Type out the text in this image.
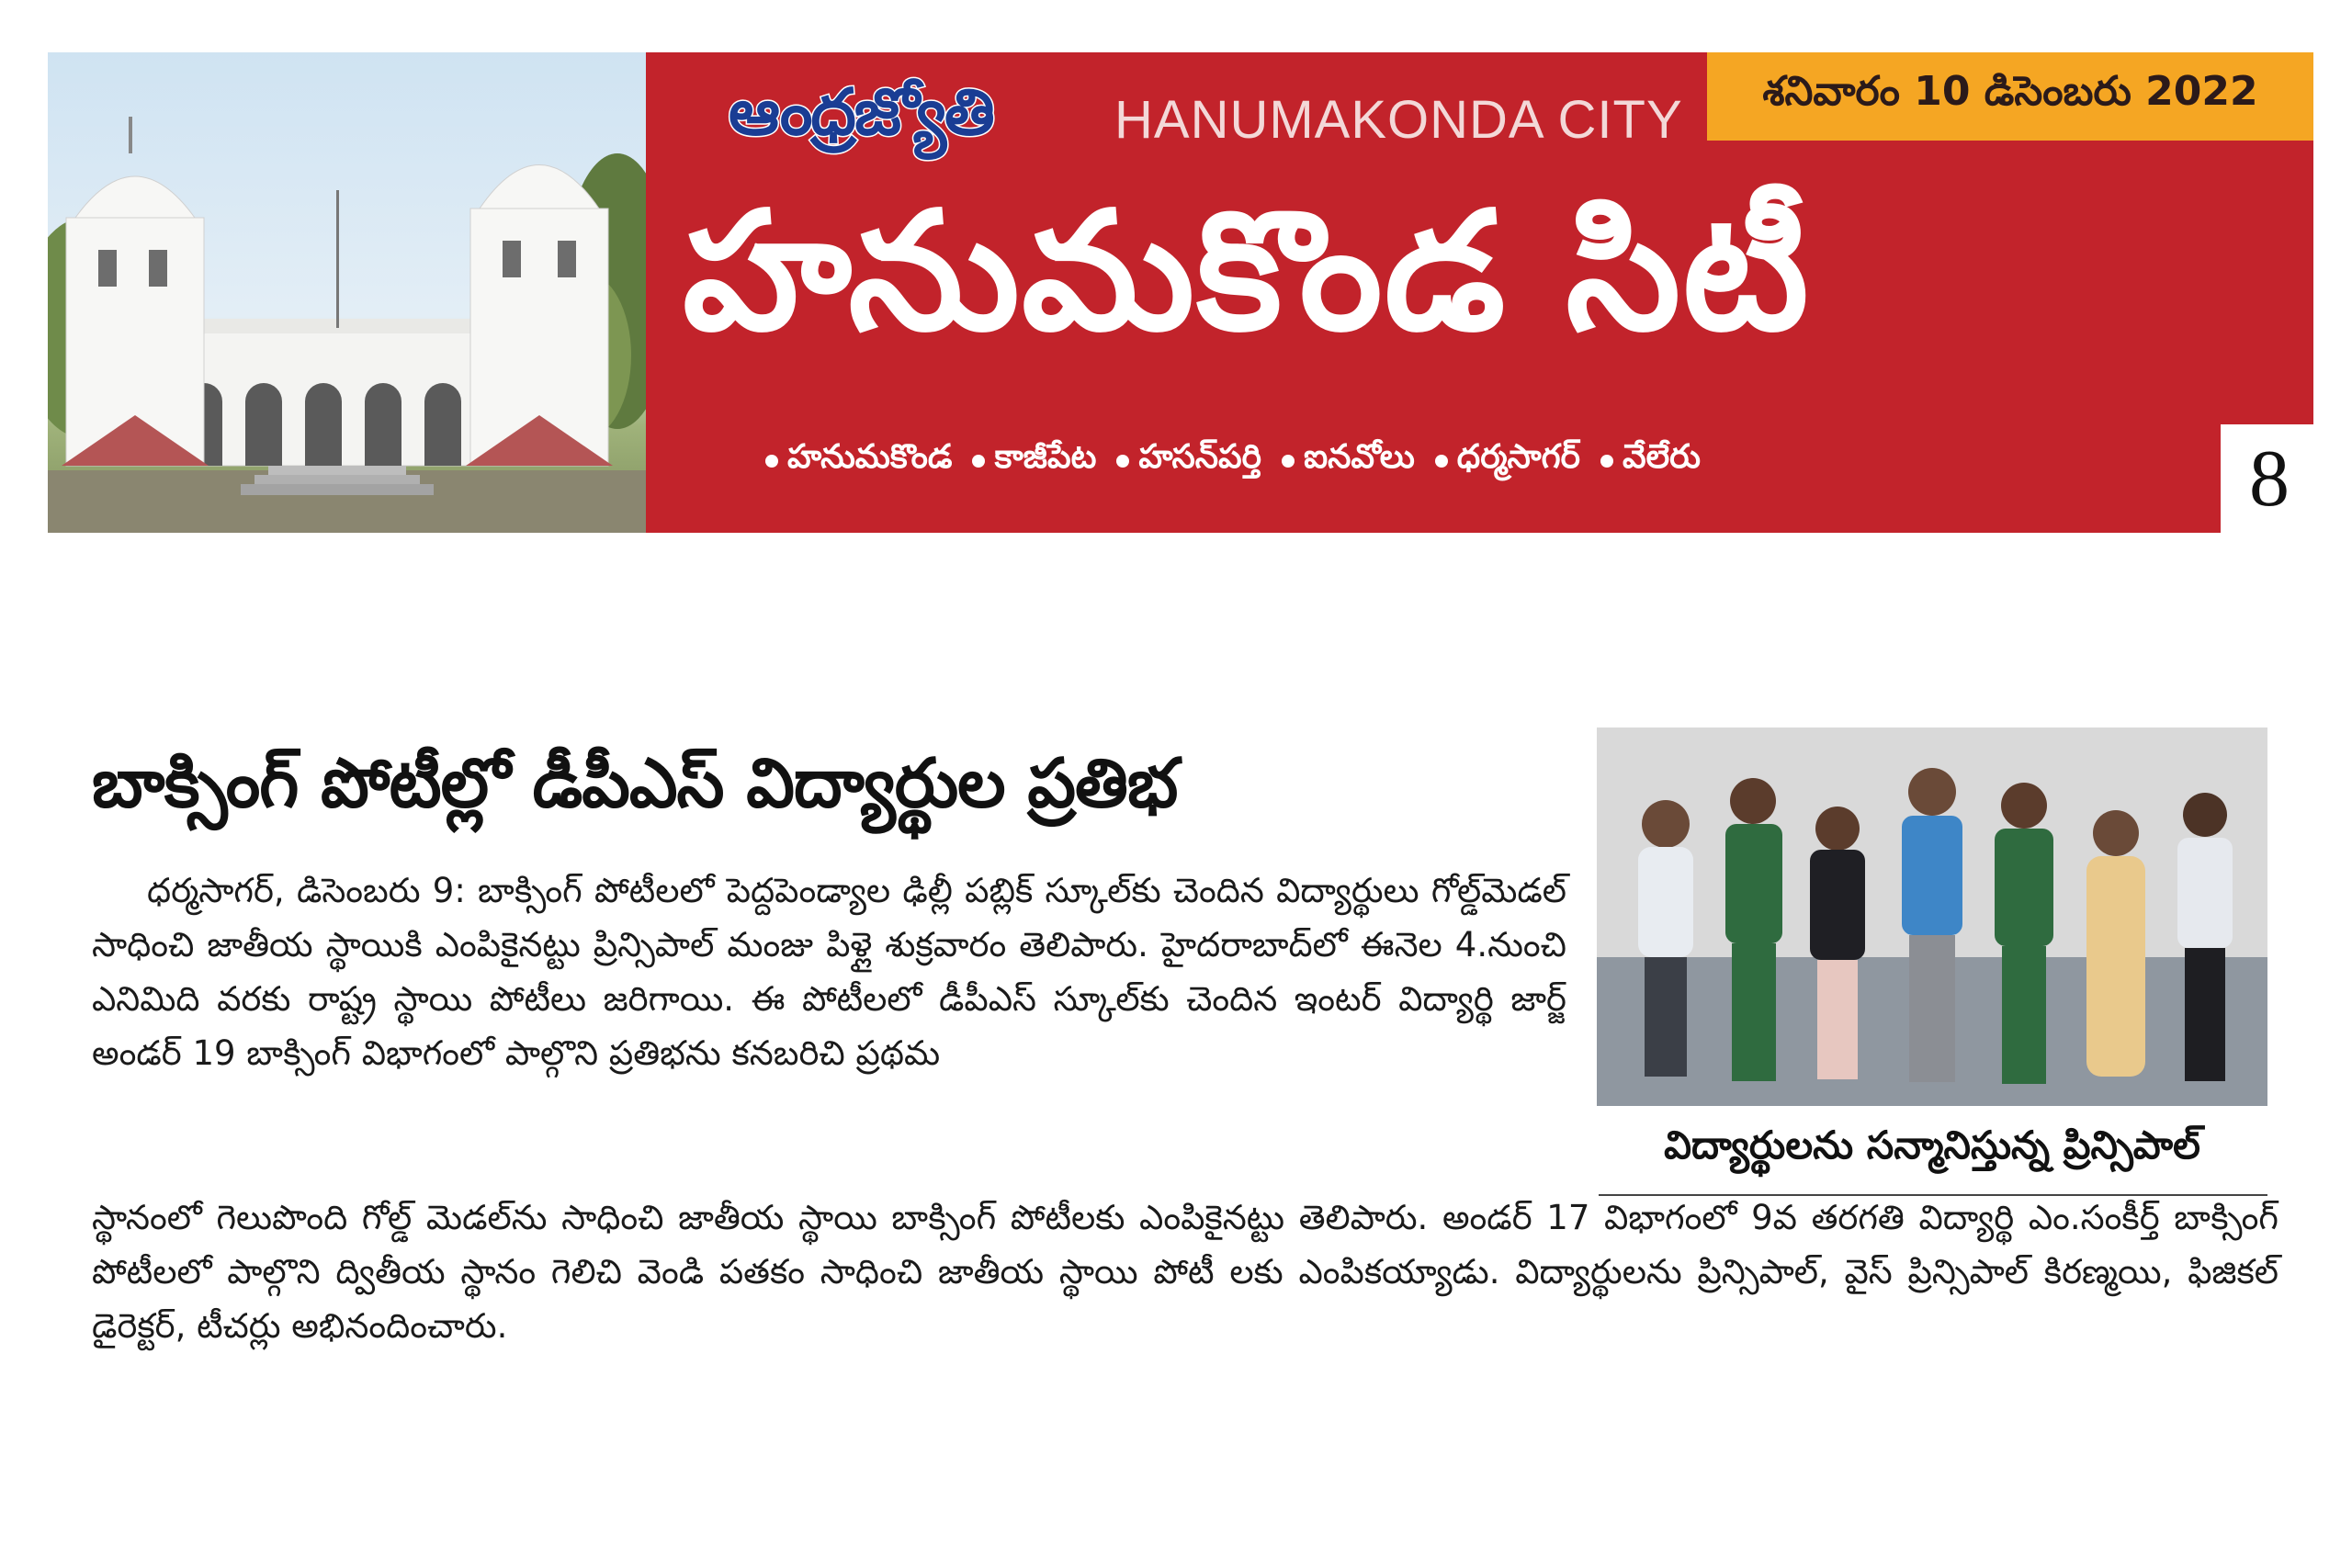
ఆంధ్రజ్యోతి HANUMAKONDA CITY	శనివారం 10 డిసెంబరు 2022
హనుమకొండ సిటీ
హనుమకొండ కాజీపేట హసన్‌పర్తి ఐనవోలు ధర్మసాగర్ వేలేరు	8
బాక్సింగ్ పోటీల్లో డీపీఎస్ విద్యార్థుల ప్రతిభ

ధర్మసాగర్, డిసెంబరు 9: బాక్సింగ్ పోటీలలో పెద్దపెండ్యాల ఢిల్లీ పబ్లిక్ స్కూల్‌కు చెందిన విద్యార్థులు గోల్డ్‌మెడల్ సాధించి జాతీయ స్థాయికి ఎంపికైనట్టు ప్రిన్సిపాల్ మంజు పిళ్లై శుక్రవారం తెలిపారు. హైదరాబాద్‌లో ఈనెల 4.నుంచి ఎనిమిది వరకు రాష్ట్ర స్థాయి పోటీలు జరిగాయి. ఈ పోటీలలో డీపీఎస్ స్కూల్‌కు చెందిన ఇంటర్ విద్యార్థి జార్జ్ అండర్ 19 బాక్సింగ్ విభాగంలో పాల్గొని ప్రతిభను కనబరిచి ప్రథమ

విద్యార్థులను సన్మానిస్తున్న ప్రిన్సిపాల్

స్థానంలో గెలుపొంది గోల్డ్ మెడల్‌ను సాధించి జాతీయ స్థాయి బాక్సింగ్ పోటీలకు ఎంపికైనట్టు తెలిపారు. అండర్ 17 విభాగంలో 9వ తరగతి విద్యార్థి ఎం.సంకీర్త్ బాక్సింగ్ పోటీలలో పాల్గొని ద్వితీయ స్థానం గెలిచి వెండి పతకం సాధించి జాతీయ స్థాయి పోటీ లకు ఎంపికయ్యాడు. విద్యార్థులను ప్రిన్సిపాల్, వైస్ ప్రిన్సిపాల్ కిరణ్మయి, ఫిజికల్ డైరెక్టర్, టీచర్లు అభినందించారు.
